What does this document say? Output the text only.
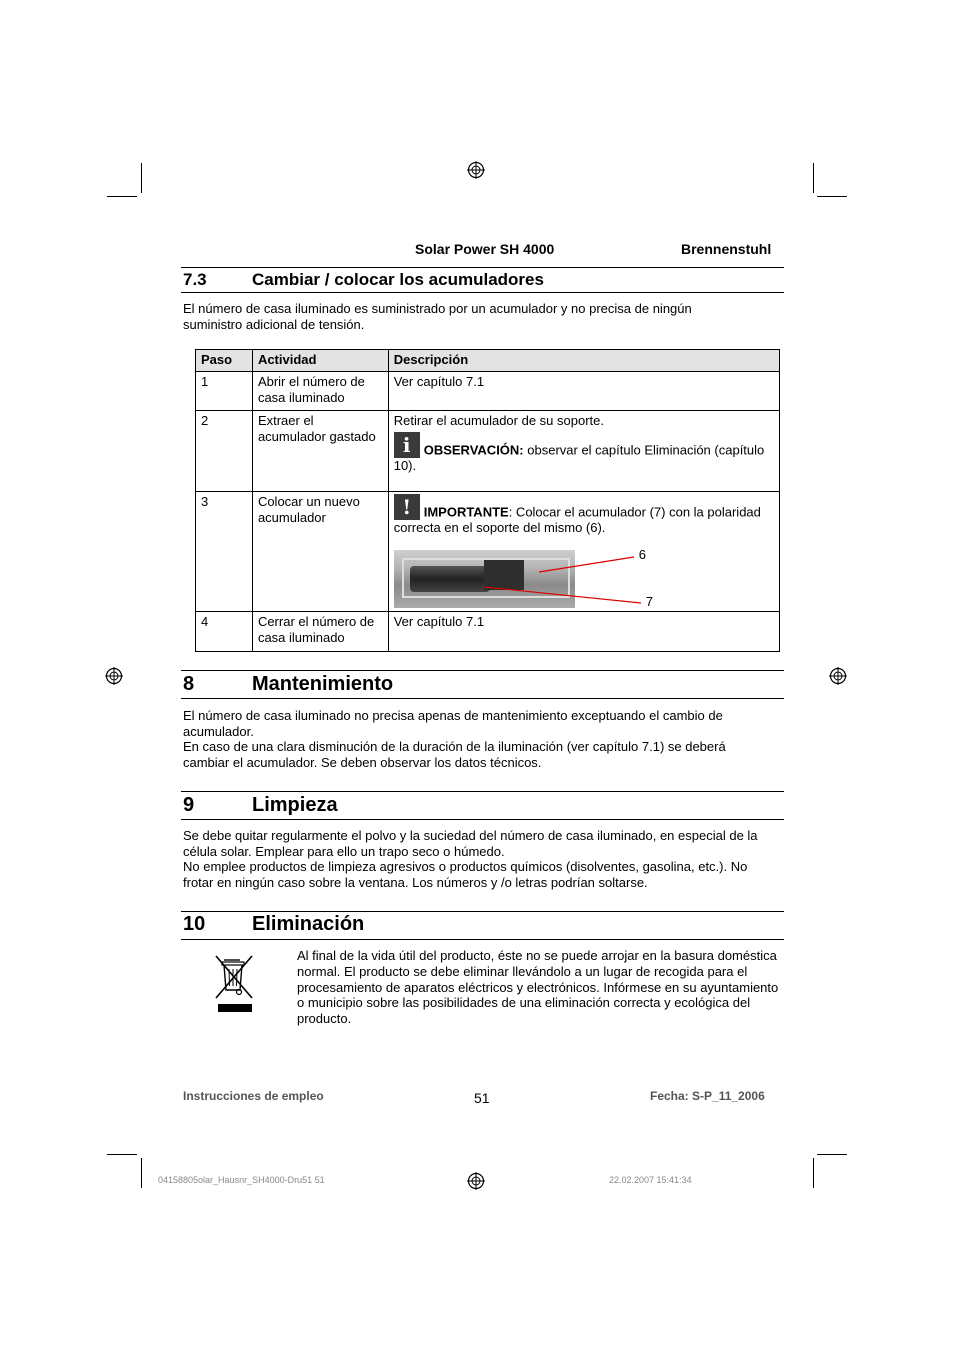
Solar Power SH 4000	Brennenstuhl
7.3	Cambiar / colocar los acumuladores
El número de casa iluminado es suministrado por un acumulador y no precisa de ningún suministro adicional de tensión.
Paso	Actividad	Descripción
1	Abrir el número de casa iluminado	Ver capítulo 7.1
2	Extraer el acumulador gastado	Retirar el acumulador de su soporte.
i OBSERVACIÓN: observar el capítulo Eliminación (capítulo 10).

3	Colocar un nuevo acumulador	! IMPORTANTE: Colocar el acumulador (7) con la polaridad correcta en el soporte del mismo (6).
6
7

4	Cerrar el número de casa iluminado	Ver capítulo 7.1
8	Mantenimiento
El número de casa iluminado no precisa apenas de mantenimiento exceptuando el cambio de acumulador.
En caso de una clara disminución de la duración de la iluminación (ver capítulo 7.1) se deberá cambiar el acumulador. Se deben observar los datos técnicos.
9	Limpieza
Se debe quitar regularmente el polvo y la suciedad del número de casa iluminado, en especial de la célula solar. Emplear para ello un trapo seco o húmedo.
No emplee productos de limpieza agresivos o productos químicos (disolventes, gasolina, etc.). No frotar en ningún caso sobre la ventana. Los números y /o letras podrían soltarse.
10 Eliminación
Al final de la vida útil del producto, éste no se puede arrojar en la basura doméstica normal. El producto se debe eliminar llevándolo a un lugar de recogida para el procesamiento de aparatos eléctricos y electrónicos. Infórmese en su ayuntamiento o municipio sobre las posibilidades de una eliminación correcta y ecológica del producto.
Instrucciones de empleo	51	Fecha: S-P_11_2006
04158805olar_Hausnr_SH4000-Dru51 51	22.02.2007 15:41:34
